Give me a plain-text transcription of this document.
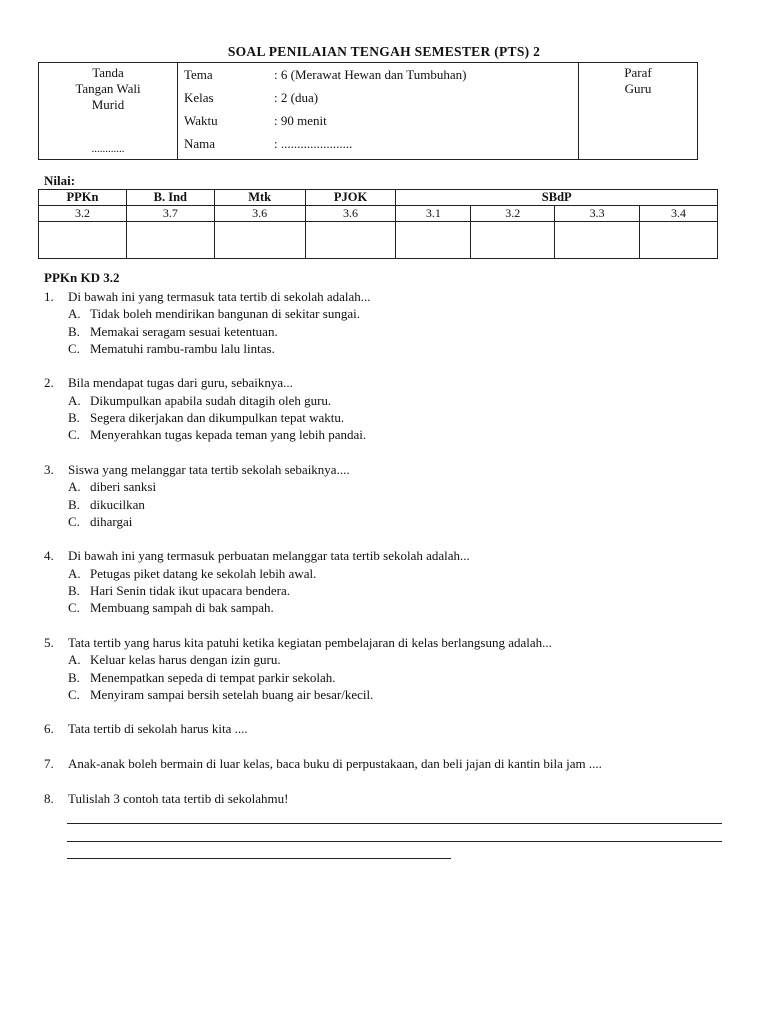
SOAL PENILAIAN TENGAH SEMESTER (PTS) 2
Tanda
Tangan Wali
Murid
............

Tema	: 6 (Merawat Hewan dan Tumbuhan)
Kelas	: 2 (dua)
Waktu	: 90 menit
Nama	: ......................

Paraf
Guru
Nilai:
PPKn	B. Ind	Mtk	PJOK	SBdP			
3.2	3.7	3.6	3.6	3.1	3.2	3.3	3.4

PPKn KD 3.2
1. Di bawah ini yang termasuk tata tertib di sekolah adalah...
A. Tidak boleh mendirikan bangunan di sekitar sungai.
B. Memakai seragam sesuai ketentuan.
C. Mematuhi rambu-rambu lalu lintas.
2. Bila mendapat tugas dari guru, sebaiknya...
A. Dikumpulkan apabila sudah ditagih oleh guru.
B. Segera dikerjakan dan dikumpulkan tepat waktu.
C. Menyerahkan tugas kepada teman yang lebih pandai.
3. Siswa yang melanggar tata tertib sekolah sebaiknya....
A. diberi sanksi
B. dikucilkan
C. dihargai
4. Di bawah ini yang termasuk perbuatan melanggar tata tertib sekolah adalah...
A. Petugas piket datang ke sekolah lebih awal.
B. Hari Senin tidak ikut upacara bendera.
C. Membuang sampah di bak sampah.
5. Tata tertib yang harus kita patuhi ketika kegiatan pembelajaran di kelas berlangsung adalah...
A. Keluar kelas harus dengan izin guru.
B. Menempatkan sepeda di tempat parkir sekolah.
C. Menyiram sampai bersih setelah buang air besar/kecil.
6. Tata tertib di sekolah harus kita ....
7. Anak-anak boleh bermain di luar kelas, baca buku di perpustakaan, dan beli jajan di kantin bila jam ....
8. Tulislah 3 contoh tata tertib di sekolahmu!
